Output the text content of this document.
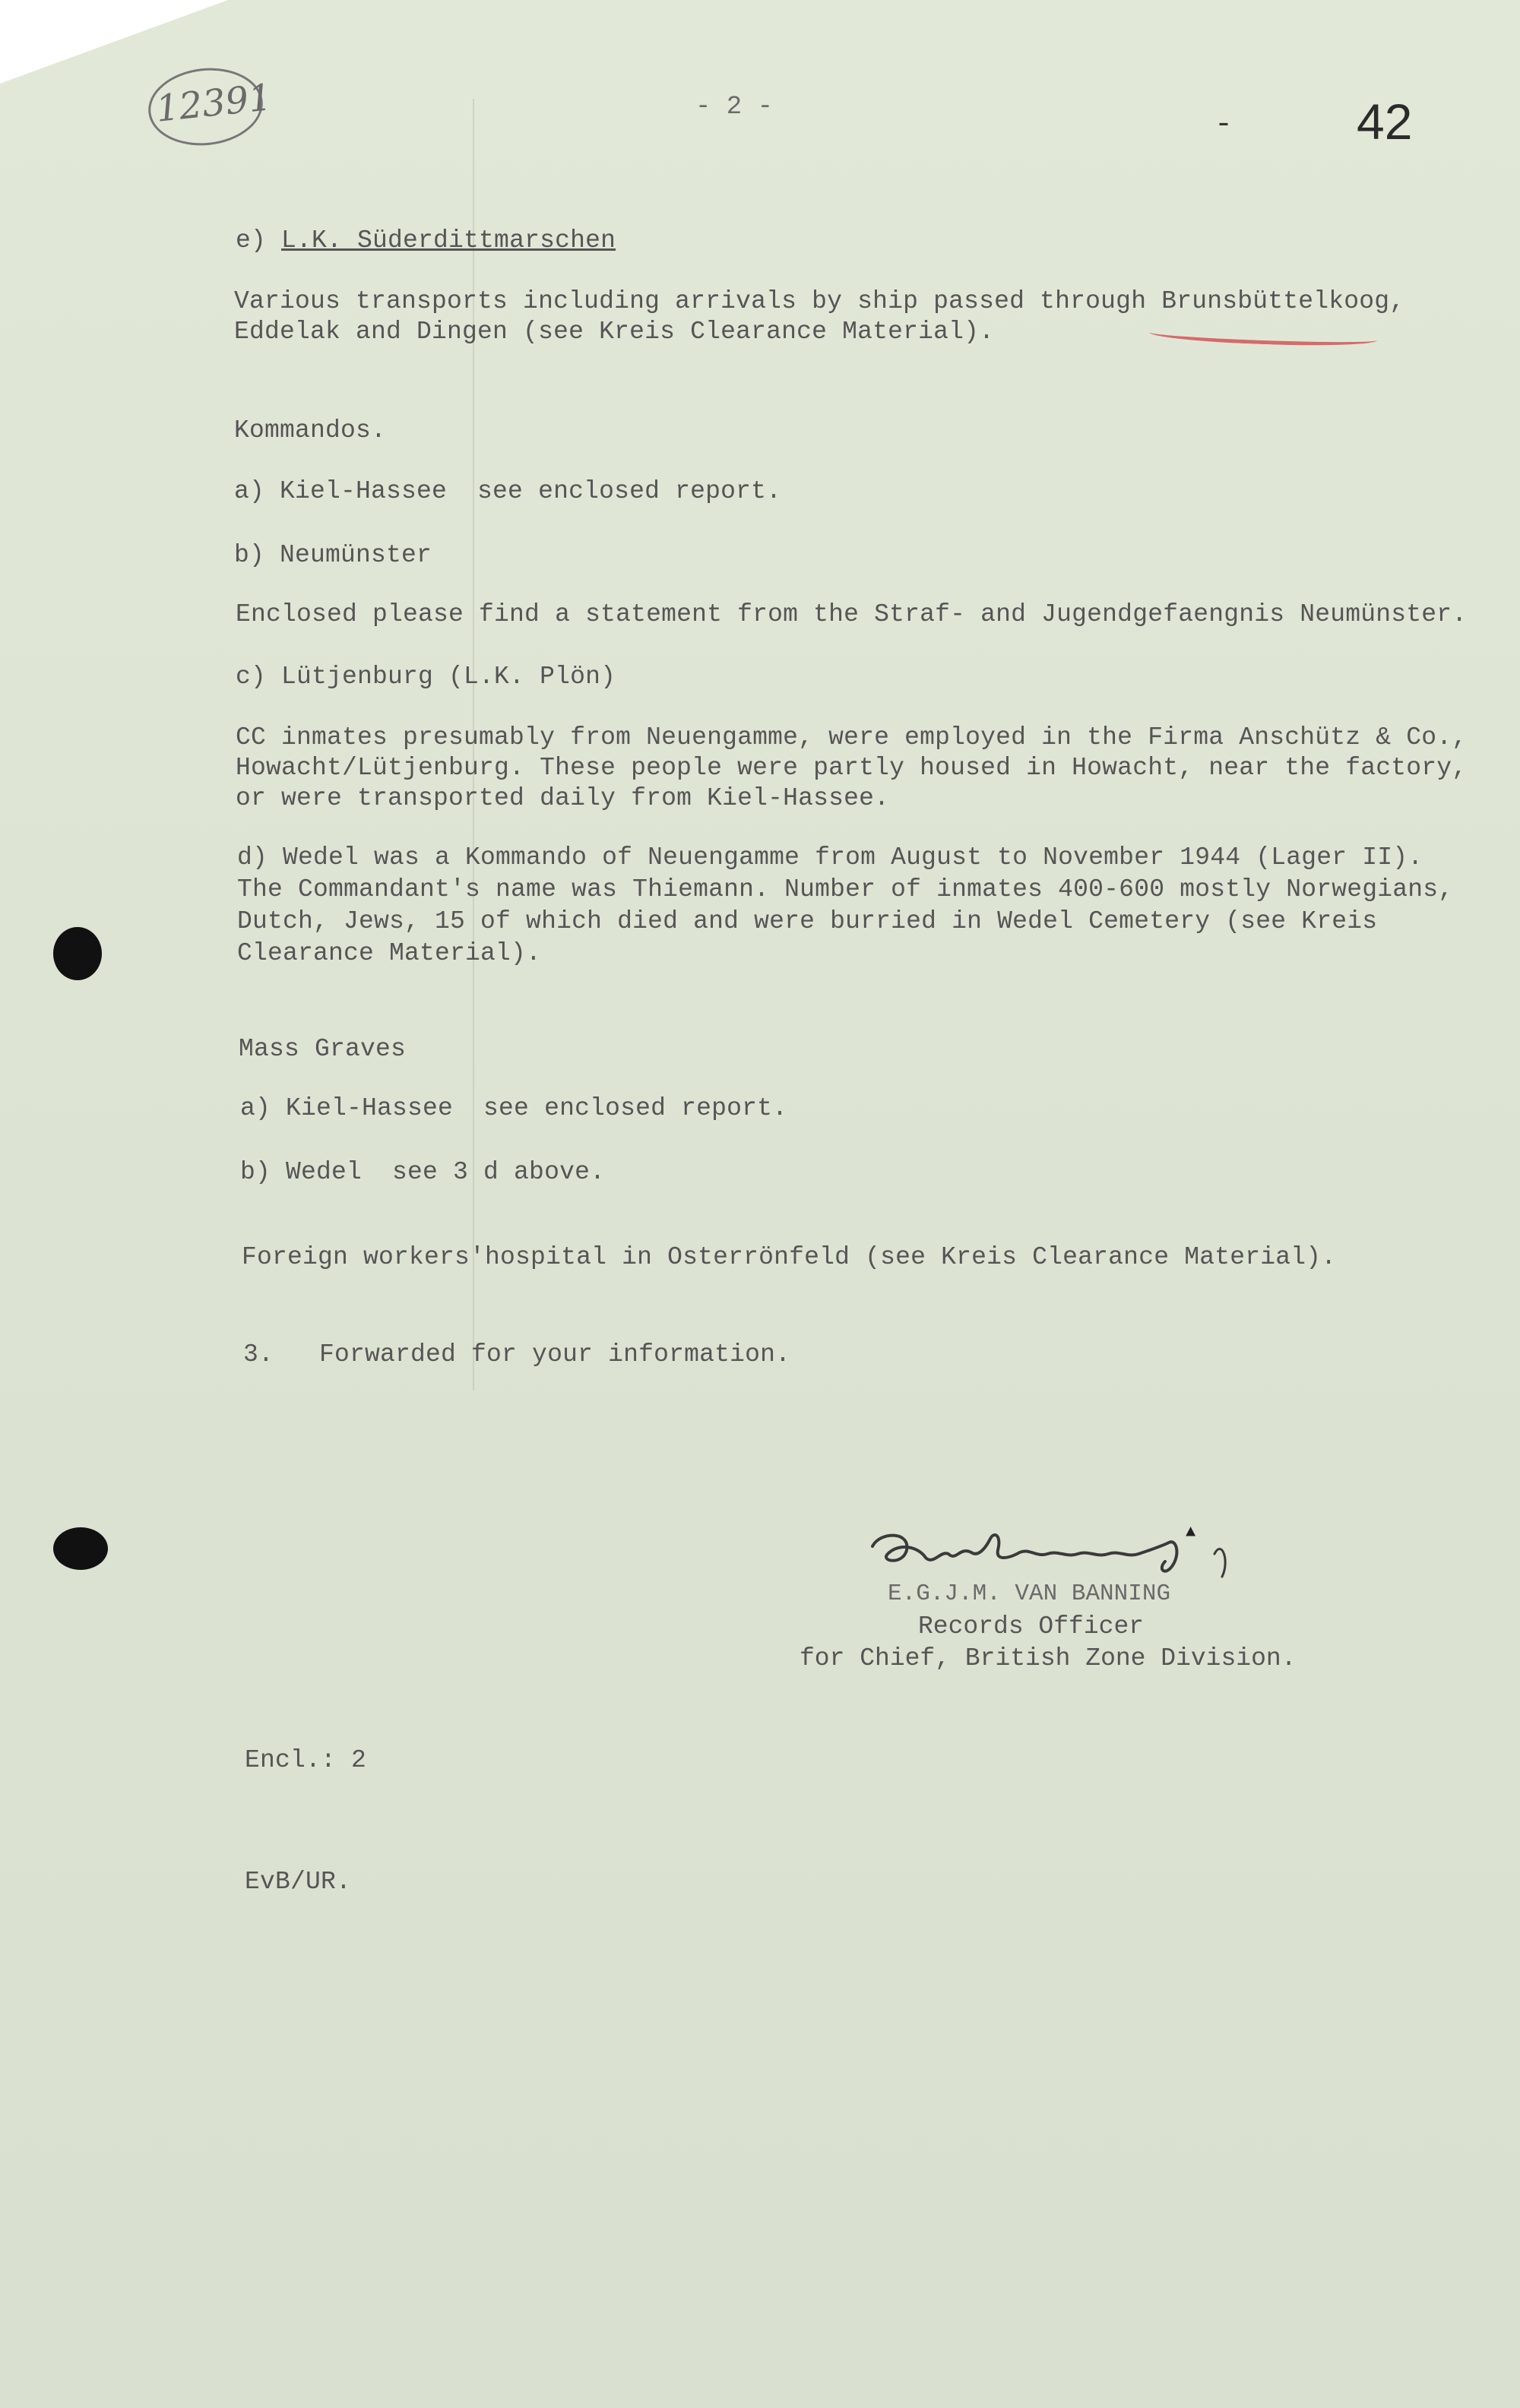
12391	- 2 -
- 42
e) L.K. Süderdittmarschen
Various transports including arrivals by ship passed through Brunsbüttelkoog,
Eddelak and Dingen (see Kreis Clearance Material).
Kommandos.
a) Kiel-Hassee  see enclosed report.
b) Neumünster
Enclosed please find a statement from the Straf- and Jugendgefaengnis Neumünster.
c) Lütjenburg (L.K. Plön)
CC inmates presumably from Neuengamme, were employed in the Firma Anschütz & Co.,
Howacht/Lütjenburg. These people were partly housed in Howacht, near the factory,
or were transported daily from Kiel-Hassee.
d) Wedel was a Kommando of Neuengamme from August to November 1944 (Lager II).
The Commandant's name was Thiemann. Number of inmates 400-600 mostly Norwegians,
Dutch, Jews, 15 of which died and were burried in Wedel Cemetery (see Kreis
Clearance Material).
Mass Graves
a) Kiel-Hassee  see enclosed report.
b) Wedel  see 3 d above.
Foreign workers'hospital in Osterrönfeld (see Kreis Clearance Material).
3.   Forwarded for your information.
▲
E.G.J.M. VAN BANNING
Records Officer
for Chief, British Zone Division.
Encl.: 2
EvB/UR.
